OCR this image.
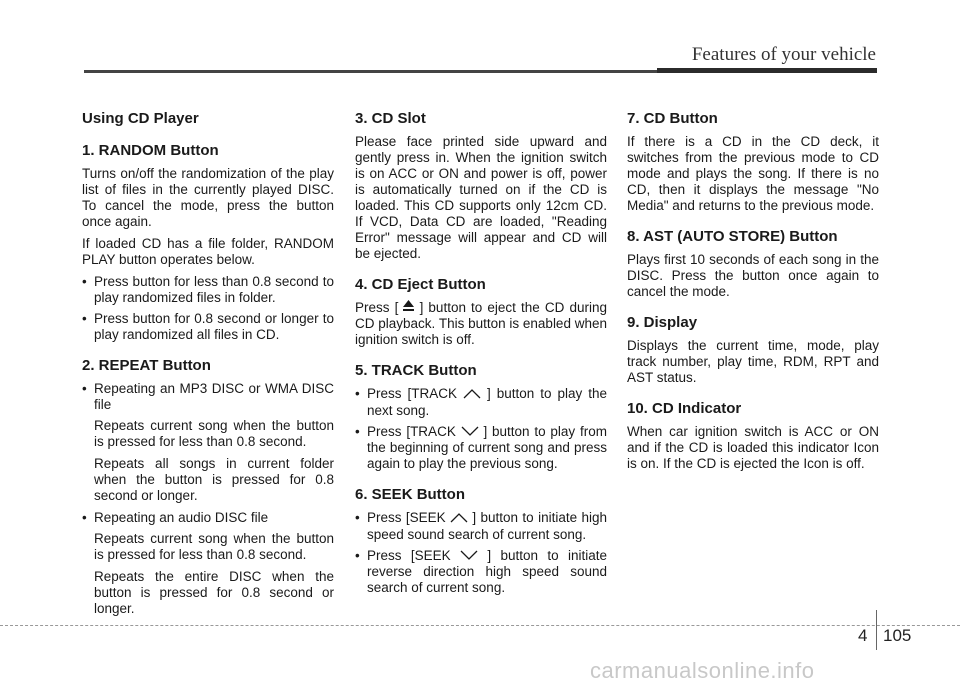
Features of your vehicle
Using CD Player
1. RANDOM Button

Turns on/off the randomization of the play list of files in the currently played DISC. To cancel the mode, press the button once again.

If loaded CD has a file folder, RANDOM PLAY button operates below.

• Press button for less than 0.8 second to play randomized files in folder.
• Press button for 0.8 second or longer to play randomized all files in CD.
2. REPEAT Button
• Repeating an MP3 DISC or WMA DISC file

Repeats current song when the button is pressed for less than 0.8 second.

Repeats all songs in current folder when the button is pressed for 0.8 second or longer.

• Repeating an audio DISC file

Repeats current song when the button is pressed for less than 0.8 second.

Repeats the entire DISC when the button is pressed for 0.8 second or longer.

3. CD Slot

Please face printed side upward and gently press in. When the ignition switch is on ACC or ON and power is off, power is automatically turned on if the CD is loaded. This CD supports only 12cm CD. If VCD, Data CD are loaded, "Reading Error" message will appear and CD will be ejected.

4. CD Eject Button

Press [ ] button to eject the CD during CD playback. This button is enabled when ignition switch is off.

5. TRACK Button
• Press [TRACK ] button to play the next song.
• Press [TRACK ] button to play from the beginning of current song and press again to play the previous song.
6. SEEK Button
• Press [SEEK ] button to initiate high speed sound search of current song.
• Press [SEEK	] button to initiate reverse direction high speed sound search of current song.
7. CD Button

If there is a CD in the CD deck, it switches from the previous mode to CD mode and plays the song. If there is no CD, then it displays the message "No Media" and returns to the previous mode.

8. AST (AUTO STORE) Button

Plays first 10 seconds of each song in the DISC. Press the button once again to cancel the mode.

9. Display

Displays the current time, mode, play track number, play time, RDM, RPT and AST status.

10. CD Indicator

When car ignition switch is ACC or ON and if the CD is loaded this indicator Icon is on. If the CD is ejected the Icon is off.

4 105
carmanualsonline.info
